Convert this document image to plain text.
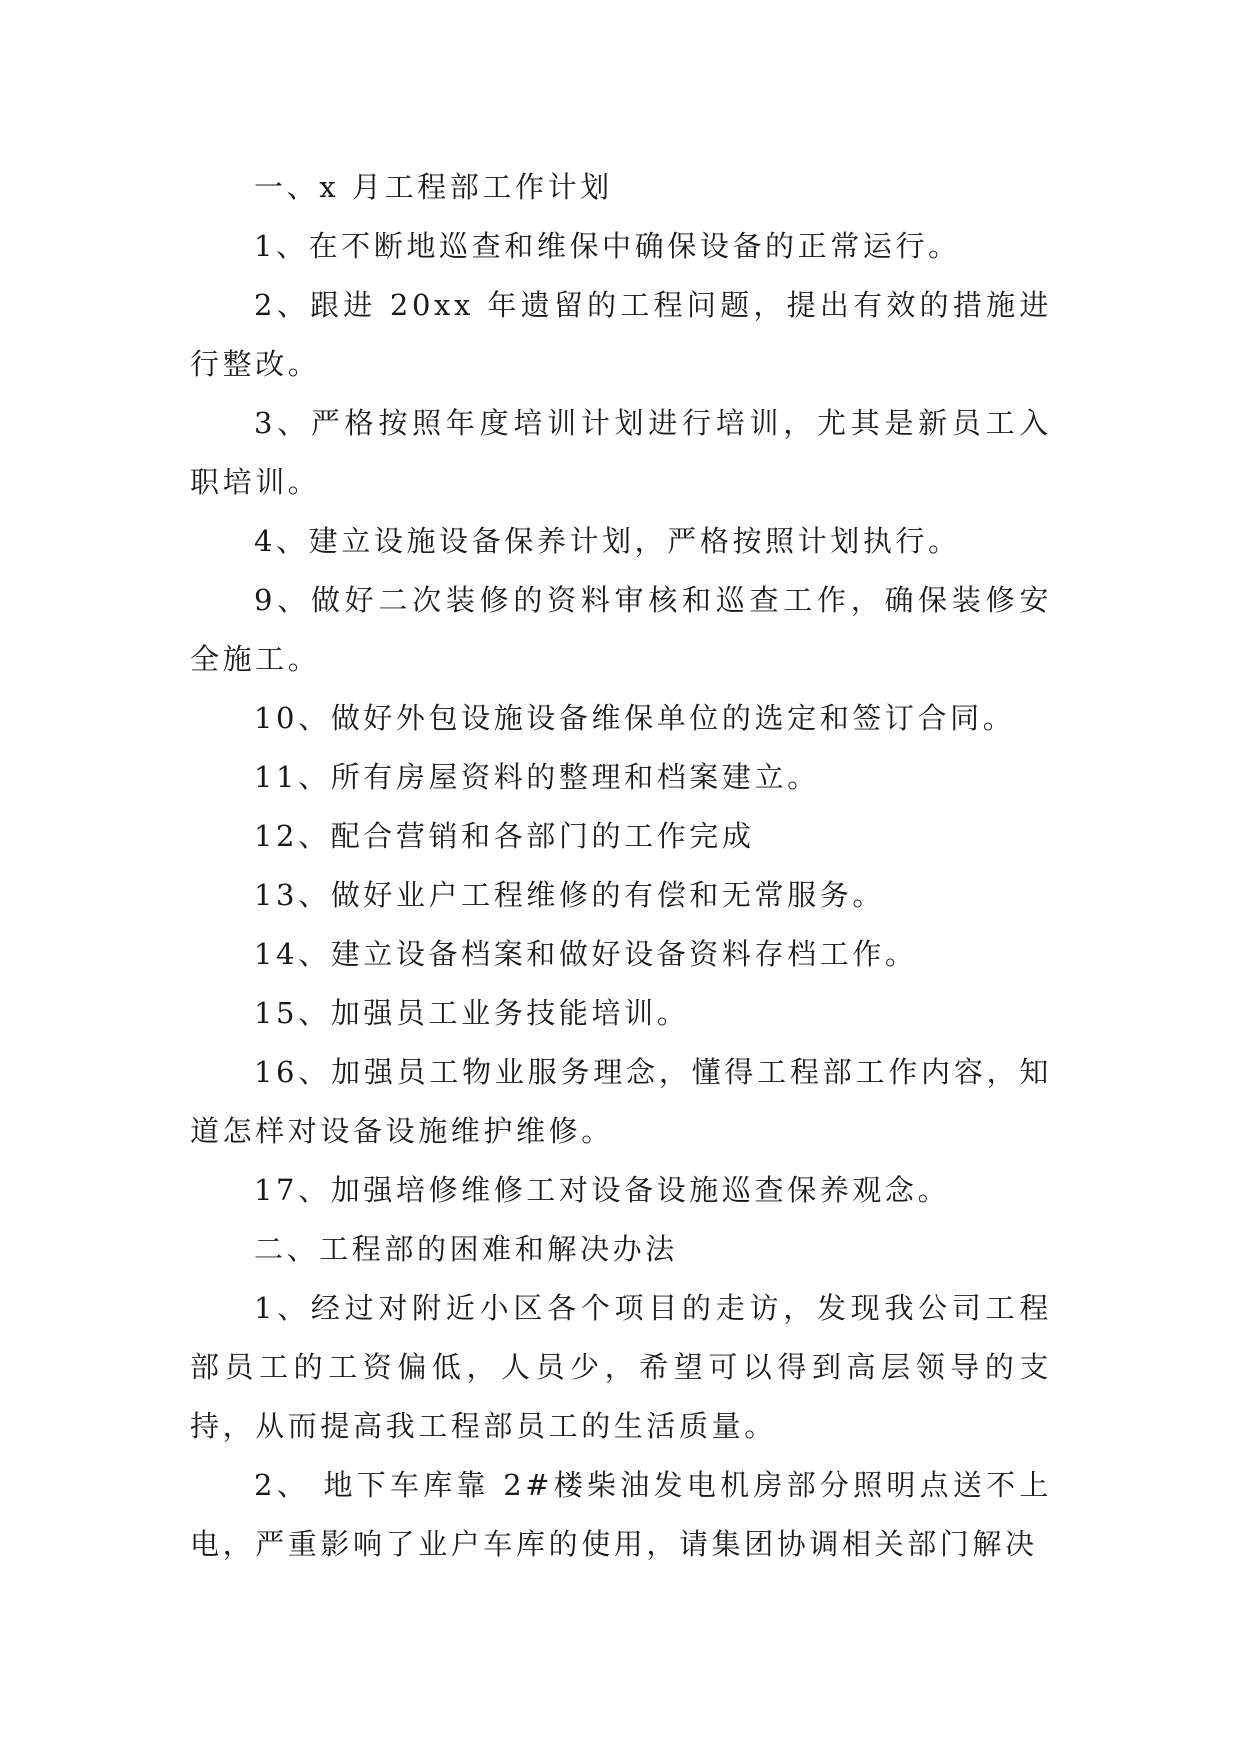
一、x 月工程部工作计划

1、在不断地巡查和维保中确保设备的正常运行。

2、跟进 20xx 年遗留的工程问题，提出有效的措施进行整改。

3、严格按照年度培训计划进行培训，尤其是新员工入职培训。

4、建立设施设备保养计划，严格按照计划执行。

9、做好二次装修的资料审核和巡查工作，确保装修安全施工。

10、做好外包设施设备维保单位的选定和签订合同。

11、所有房屋资料的整理和档案建立。

12、配合营销和各部门的工作完成

13、做好业户工程维修的有偿和无常服务。

14、建立设备档案和做好设备资料存档工作。

15、加强员工业务技能培训。

16、加强员工物业服务理念，懂得工程部工作内容，知道怎样对设备设施维护维修。

17、加强培修维修工对设备设施巡查保养观念。

二、工程部的困难和解决办法

1、经过对附近小区各个项目的走访，发现我公司工程部员工的工资偏低，人员少，希望可以得到高层领导的支持，从而提高我工程部员工的生活质量。

2、 地下车库靠 2#楼柴油发电机房部分照明点送不上电，严重影响了业户车库的使用，请集团协调相关部门解决
